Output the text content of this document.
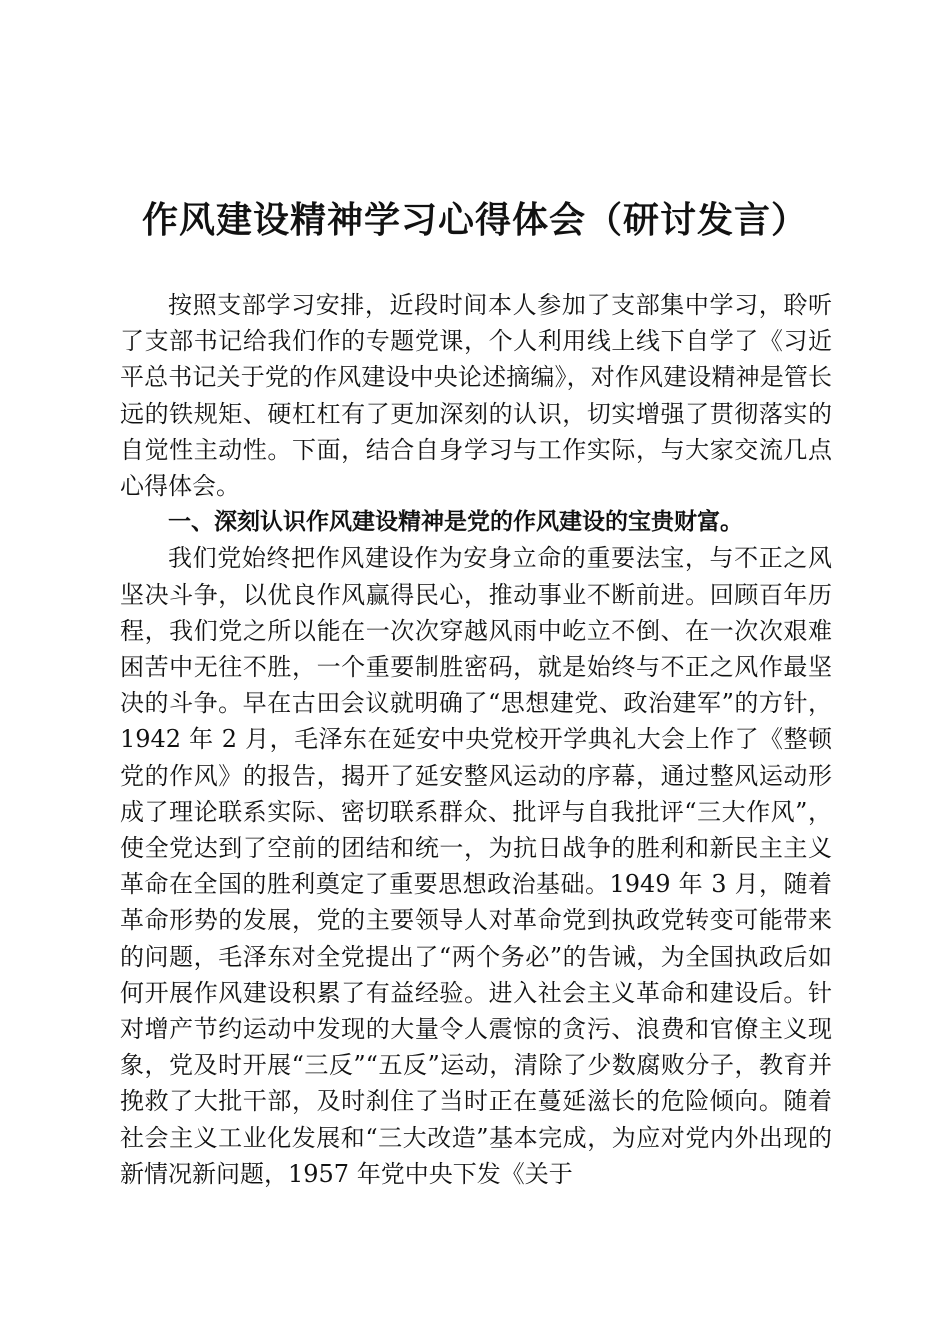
作风建设精神学习心得体会（研讨发言）

按照支部学习安排，近段时间本人参加了支部集中学习，聆听了支部书记给我们作的专题党课，个人利用线上线下自学了《习近平总书记关于党的作风建设中央论述摘编》，对作风建设精神是管长远的铁规矩、硬杠杠有了更加深刻的认识，切实增强了贯彻落实的自觉性主动性。下面，结合自身学习与工作实际，与大家交流几点心得体会。

一、深刻认识作风建设精神是党的作风建设的宝贵财富。

我们党始终把作风建设作为安身立命的重要法宝，与不正之风坚决斗争，以优良作风赢得民心，推动事业不断前进。回顾百年历程，我们党之所以能在一次次穿越风雨中屹立不倒、在一次次艰难困苦中无往不胜，一个重要制胜密码，就是始终与不正之风作最坚决的斗争。早在古田会议就明确了“思想建党、政治建军”的方针，1942 年 2 月，毛泽东在延安中央党校开学典礼大会上作了《整顿党的作风》的报告，揭开了延安整风运动的序幕，通过整风运动形成了理论联系实际、密切联系群众、批评与自我批评“三大作风”，使全党达到了空前的团结和统一，为抗日战争的胜利和新民主主义革命在全国的胜利奠定了重要思想政治基础。1949 年 3 月，随着革命形势的发展，党的主要领导人对革命党到执政党转变可能带来的问题，毛泽东对全党提出了“两个务必”的告诫，为全国执政后如何开展作风建设积累了有益经验。进入社会主义革命和建设后。针对增产节约运动中发现的大量令人震惊的贪污、浪费和官僚主义现象，党及时开展“三反”“五反”运动，清除了少数腐败分子，教育并挽救了大批干部，及时刹住了当时正在蔓延滋长的危险倾向。随着社会主义工业化发展和“三大改造”基本完成，为应对党内外出现的新情况新问题，1957 年党中央下发《关于
